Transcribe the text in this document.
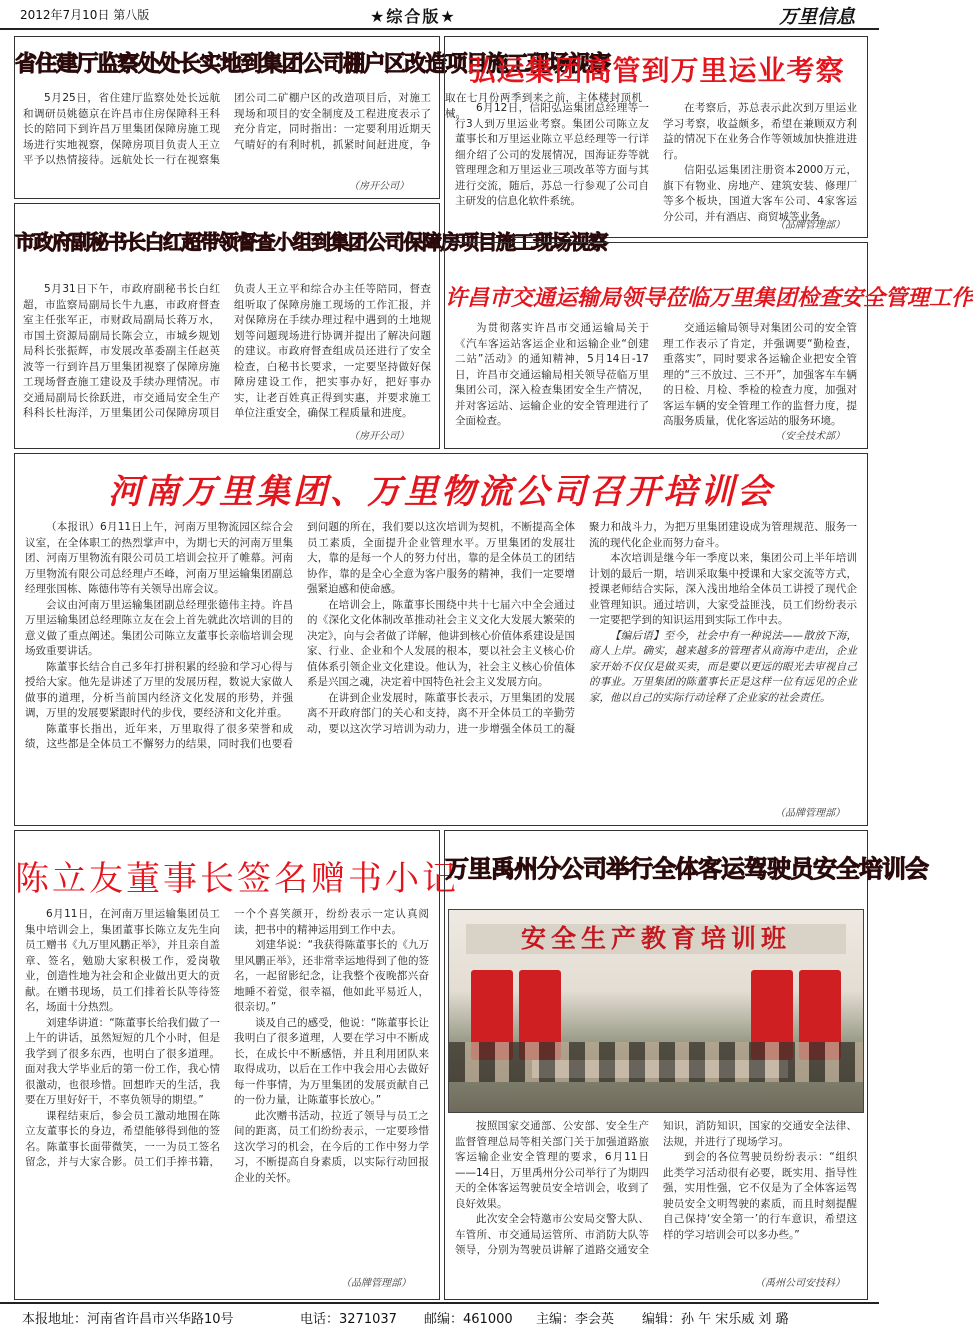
2012年7月10日 第八版	★综合版★	万里信息
省住建厅监察处处长实地到集团公司棚户区改造项目施工现场视察

5月25日，省住建厅监察处处长远航和调研员姚德京在许昌市住房保障科王科长的陪同下到许昌万里集团保障房施工现场进行实地视察，保障房项目负责人王立平予以热情接待。远航处长一行在视察集团公司二矿棚户区的改造项目后，对施工现场和项目的安全制度及工程进度表示了充分肯定，同时指出：一定要利用近期天气晴好的有利时机，抓紧时间赶进度，争取在七月份两季到来之前，主体楼封顶机械。

（房开公司）
弘运集团高管到万里运业考察

6月12日，信阳弘运集团总经理等一行3人到万里运业考察。集团公司陈立友董事长和万里运业陈立平总经理等一行详细介绍了公司的发展情况，国海证券等就管理理念和万里运业三项改革等方面与其进行交流，随后，苏总一行参观了公司自主研发的信息化软件系统。

在考察后，苏总表示此次到万里运业学习考察，收益颇多，希望在兼顾双方利益的情况下在业务合作等领域加快推进进行。

信阳弘运集团注册资本2000万元，旗下有物业、房地产、建筑安装、修理厂等多个板块，国道大客车公司、4家客运分公司，并有酒店、商贸城等业务。

（品牌管理部）
市政府副秘书长白红超带领督查小组到集团公司保障房项目施工现场视察

5月31日下午，市政府副秘书长白红超，市监察局副局长牛九惠，市政府督查室主任张军正，市财政局副局长蒋万水，市国土资源局副局长陈会立，市城乡规划局科长张振辉，市发展改革委副主任赵英波等一行到许昌万里集团视察了保障房施工现场督查施工建设及手续办理情况。市交通局副局长徐跃进，市交通局安全生产科科长杜海洋，万里集团公司保障房项目负责人王立平和综合办主任等陪同，督查组听取了保障房施工现场的工作汇报，并对保障房在手续办理过程中遇到的土地规划等问题现场进行协调并提出了解决问题的建议。市政府督查组成员还进行了安全检查，白秘书长要求，一定要坚持做好保障房建设工作，把实事办好，把好事办实，让老百姓真正得到实惠，并要求施工单位注重安全，确保工程质量和进度。

（房开公司）
许昌市交通运输局领导莅临万里集团检查安全管理工作

为贯彻落实许昌市交通运输局关于《汽车客运站客运企业和运输企业“创建二站”活动》的通知精神，5月14日-17日，许昌市交通运输局相关领导莅临万里集团公司，深入检查集团安全生产情况，并对客运站、运输企业的安全管理进行了全面检查。

交通运输局领导对集团公司的安全管理工作表示了肯定，并强调要“勤检查，重落实”，同时要求各运输企业把安全管理的“三不放过、三不开”，加强客车车辆的日检、月检、季检的检查力度，加强对客运车辆的安全管理工作的监督力度，提高服务质量，优化客运站的服务环境。

（安全技术部）
河南万里集团、万里物流公司召开培训会

（本报讯）6月11日上午，河南万里物流园区综合会议室，在全体职工的热烈掌声中，为期七天的河南万里集团、河南万里物流有限公司员工培训会拉开了帷幕。河南万里物流有限公司总经理卢丕峰，河南万里运输集团副总经理张国栋、陈德伟等有关领导出席会议。

会议由河南万里运输集团副总经理张德伟主持。许昌万里运输集团总经理陈立友在会上首先就此次培训的目的意义做了重点阐述。集团公司陈立友董事长亲临培训会现场致重要讲话。

陈董事长结合自己多年打拼积累的经验和学习心得与授给大家。他先是讲述了万里的发展历程，数说大家做人做事的道理，分析当前国内经济文化发展的形势，并强调，万里的发展要紧跟时代的步伐，要经济和文化并重。

陈董事长指出，近年来，万里取得了很多荣誉和成绩，这些都是全体员工不懈努力的结果，同时我们也要看到问题的所在，我们要以这次培训为契机，不断提高全体员工素质，全面提升企业管理水平。万里集团的发展壮大，靠的是每一个人的努力付出，靠的是全体员工的团结协作，靠的是全心全意为客户服务的精神，我们一定要增强紧迫感和使命感。

在培训会上，陈董事长围绕中共十七届六中全会通过的《深化文化体制改革推动社会主义文化大发展大繁荣的决定》，向与会者做了详解，他讲到核心价值体系建设是国家、行业、企业和个人发展的根本，要以社会主义核心价值体系引领企业文化建设。他认为，社会主义核心价值体系是兴国之魂，决定着中国特色社会主义发展方向。

在讲到企业发展时，陈董事长表示，万里集团的发展离不开政府部门的关心和支持，离不开全体员工的辛勤劳动，要以这次学习培训为动力，进一步增强全体员工的凝聚力和战斗力，为把万里集团建设成为管理规范、服务一流的现代化企业而努力奋斗。

本次培训是继今年一季度以来，集团公司上半年培训计划的最后一期，培训采取集中授课和大家交流等方式，授课老师结合实际，深入浅出地给全体员工讲授了现代企业管理知识。通过培训，大家受益匪浅，员工们纷纷表示一定要把学到的知识运用到实际工作中去。

【编后语】至今，社会中有一种说法——散放下海，商人上岸。确实，越来越多的管理者从商海中走出，企业家开始不仅仅是做买卖，而是要以更远的眼光去审视自己的事业。万里集团的陈董事长正是这样一位有远见的企业家，他以自己的实际行动诠释了企业家的社会责任。

（品牌管理部）
陈立友董事长签名赠书小记

6月11日，在河南万里运输集团员工集中培训会上，集团董事长陈立友先生向员工赠书《九万里风鹏正举》，并且亲自盖章、签名，勉励大家积极工作，爱岗敬业，创造性地为社会和企业做出更大的贡献。在赠书现场，员工们排着长队等待签名，场面十分热烈。

刘建华讲道：“陈董事长给我们做了一上午的讲话，虽然短短的几个小时，但是我学到了很多东西，也明白了很多道理。面对我大学毕业后的第一份工作，我心情很激动，也很珍惜。回想昨天的生活，我要在万里好好干，不辜负领导的期望。”

课程结束后，参会员工激动地围在陈立友董事长的身边，希望能够得到他的签名。陈董事长面带微笑，一一为员工签名留念，并与大家合影。员工们手捧书籍，一个个喜笑颜开，纷纷表示一定认真阅读，把书中的精神运用到工作中去。

刘建华说：“我获得陈董事长的《九万里风鹏正举》，还非常幸运地得到了他的签名，一起留影纪念，让我整个夜晚都兴奋地睡不着觉，很幸福，他如此平易近人，很亲切。”

谈及自己的感受，他说：“陈董事长让我明白了很多道理，人要在学习中不断成长，在成长中不断感悟，并且利用团队来取得成功，以后在工作中我会用心去做好每一件事情，为万里集团的发展贡献自己的一份力量，让陈董事长放心。”

此次赠书活动，拉近了领导与员工之间的距离，员工们纷纷表示，一定要珍惜这次学习的机会，在今后的工作中努力学习，不断提高自身素质，以实际行动回报企业的关怀。

（品牌管理部）
万里禹州分公司举行全体客运驾驶员安全培训会
安全生产教育培训班

按照国家交通部、公安部、安全生产监督管理总局等相关部门关于加强道路旅客运输企业安全管理的要求，6月11日——14日，万里禹州分公司举行了为期四天的全体客运驾驶员安全培训会，收到了良好效果。

此次安全会特邀市公安局交警大队、车管所、市交通局运管所、市消防大队等领导，分别为驾驶员讲解了道路交通安全知识，消防知识，国家的交通安全法律、法规，并进行了现场学习。

到会的各位驾驶员纷纷表示：“组织此类学习活动很有必要，既实用、指导性强，实用性强，它不仅是为了全体客运驾驶员安全文明驾驶的素质，而且时刻提醒自己保持‘安全第一’的行车意识，希望这样的学习培训会可以多办些。”

（禹州公司安技科）
本报地址：河南省许昌市兴华路10号	电话：3271037 邮编：461000 主编：李会英 编辑：孙 午 宋乐威 刘 璐
